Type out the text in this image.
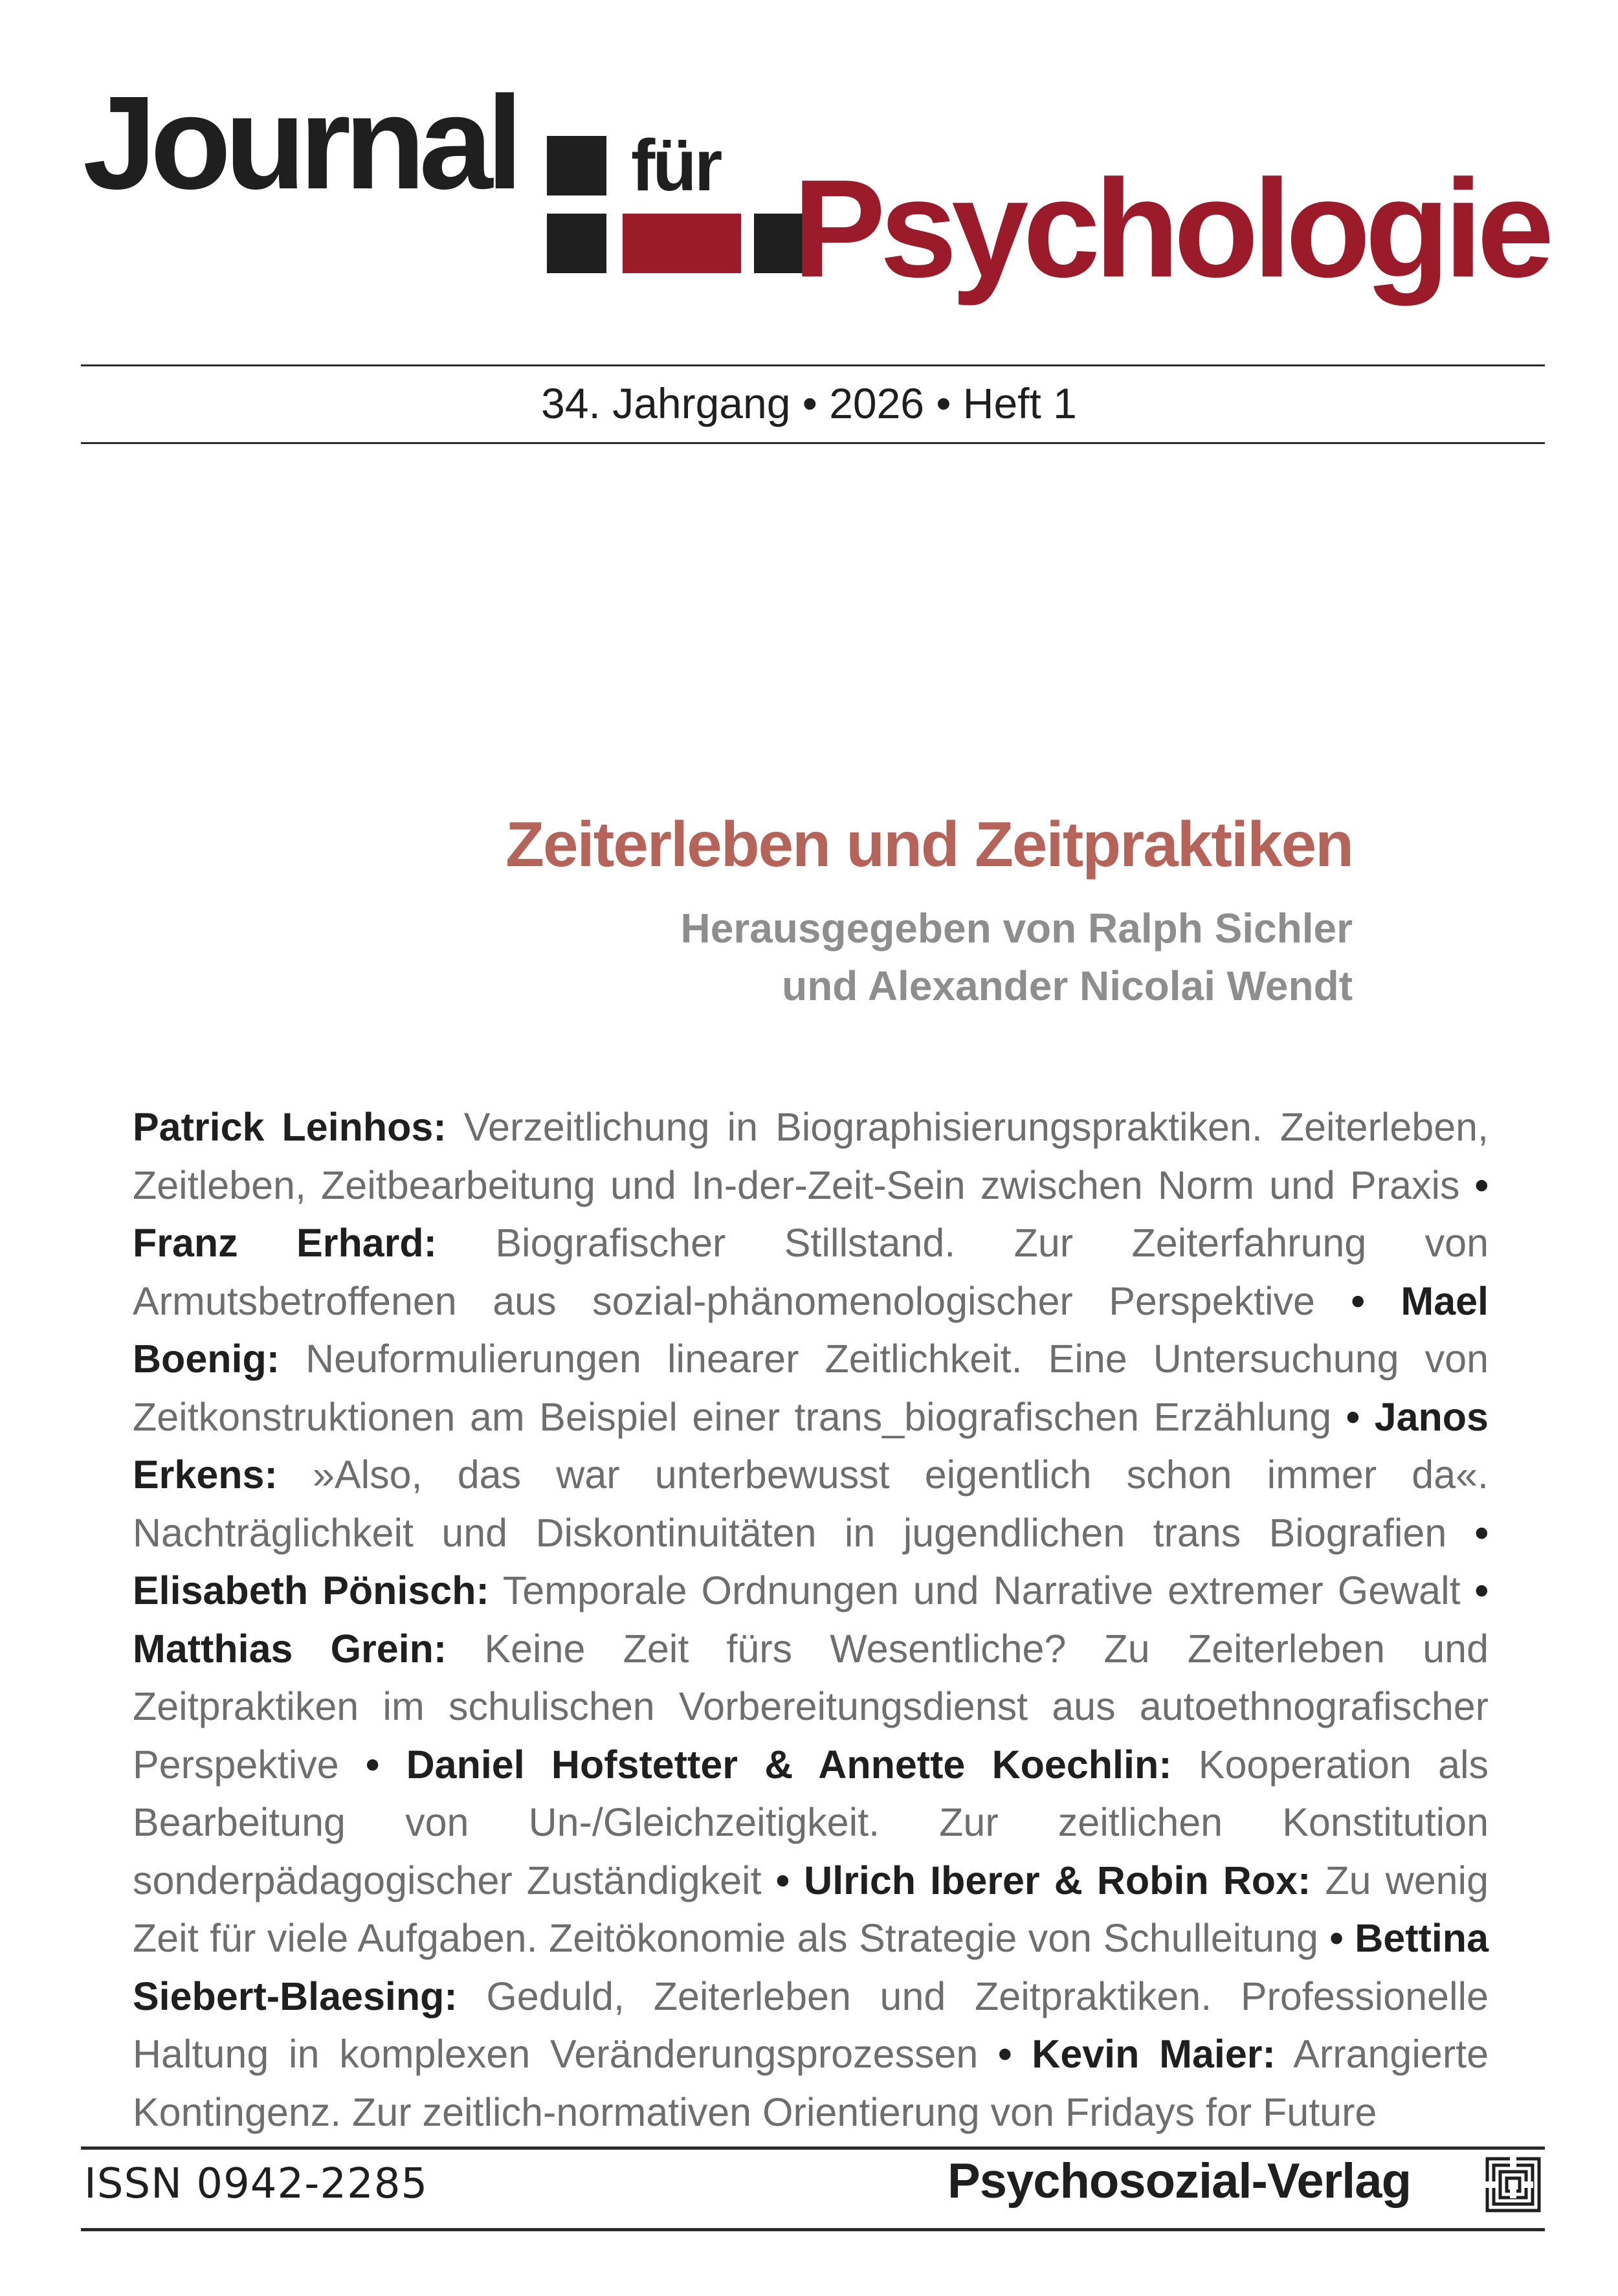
Journal für Psychologie
34. Jahrgang • 2026 • Heft 1
Zeiterleben und Zeitpraktiken
Herausgegeben von Ralph Sichler
und Alexander Nicolai Wendt

Patrick Leinhos: Verzeitlichung in Biographisierungspraktiken. Zeiterleben, Zeitleben, Zeitbearbeitung und In-der-Zeit-Sein zwischen Norm und Praxis • Franz Erhard: Biografischer Stillstand. Zur Zeiterfahrung von Armutsbetroffenen aus sozial-phänomenologischer Perspektive • Mael Boenig: Neuformulierungen linearer Zeitlichkeit. Eine Untersuchung von Zeitkonstruktionen am Beispiel einer trans_biografischen Erzählung • Janos Erkens: »Also, das war unterbewusst eigentlich schon immer da«. Nachträglichkeit und Diskontinuitäten in jugendlichen trans Biografien • Elisabeth Pönisch: Temporale Ordnungen und Narrative extremer Gewalt • Matthias Grein: Keine Zeit fürs Wesentliche? Zu Zeiterleben und Zeitpraktiken im schulischen Vorbereitungsdienst aus autoethnografischer Perspektive • Daniel Hofstetter & Annette Koechlin: Kooperation als Bearbeitung von Un-/Gleichzeitigkeit. Zur zeitlichen Konstitution sonderpädagogischer Zuständigkeit • Ulrich Iberer & Robin Rox: Zu wenig Zeit für viele Aufgaben. Zeitökonomie als Strategie von Schulleitung • Bettina Siebert-Blaesing: Geduld, Zeiterleben und Zeitpraktiken. Professionelle Haltung in komplexen Veränderungsprozessen • Kevin Maier: Arrangierte Kontingenz. Zur zeitlich-normativen Orientierung von Fridays for Future

ISSN 0942-2285	Psychosozial-Verlag
